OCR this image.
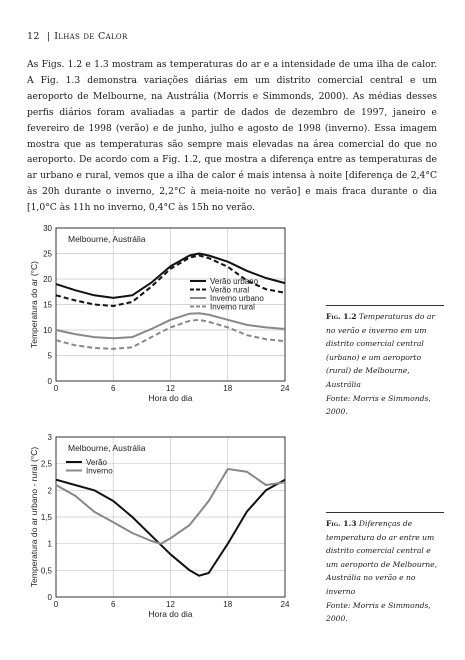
12 | Ilhas de Calor
As Figs. 1.2 e 1.3 mostram as temperaturas do ar e a intensidade de uma ilha de calor. A Fig. 1.3 demonstra variações diárias em um distrito comercial central e um aeroporto de Melbourne, na Austrália (Morris e Simmonds, 2000). As médias desses perfis diários foram avaliadas a partir de dados de dezembro de 1997, janeiro e fevereiro de 1998 (verão) e de junho, julho e agosto de 1998 (inverno). Essa imagem mostra que as temperaturas são sempre mais elevadas na área comercial do que no aeroporto. De acordo com a Fig. 1.2, que mostra a diferença entre as temperaturas de ar urbano e rural, vemos que a ilha de calor é mais intensa à noite [diferença de 2,4°C às 20h durante o inverno, 2,2°C à meia-noite no verão] e mais fraca durante o dia [1,0°C às 11h no inverno, 0,4°C às 15h no verão.
0
5
10
15
20
25
30
0	6	12	18	24
Hora do dia
Temperatura do ar (°C)
Melbourne, Austrália
Verão urbano
Verão rural
Inverno urbano
Inverno rural
0
0,5
1
1,5
2
2,5
3
0	6	12	18	24
Hora do dia
Temperatura do ar urbano - rural (°C)	Melbourne, Austrália
Verão
Inverno
Fig. 1.2 Temperaturas do ar no verão e inverno em um distrito comercial central (urbano) e um aeroporto (rural) de Melbourne, Austrália
Fonte: Morris e Simmonds, 2000.
Fig. 1.3 Diferenças de temperatura do ar entre um distrito comercial central e um aeroporto de Melbourne, Austrália no verão e no inverno
Fonte: Morris e Simmonds, 2000.
